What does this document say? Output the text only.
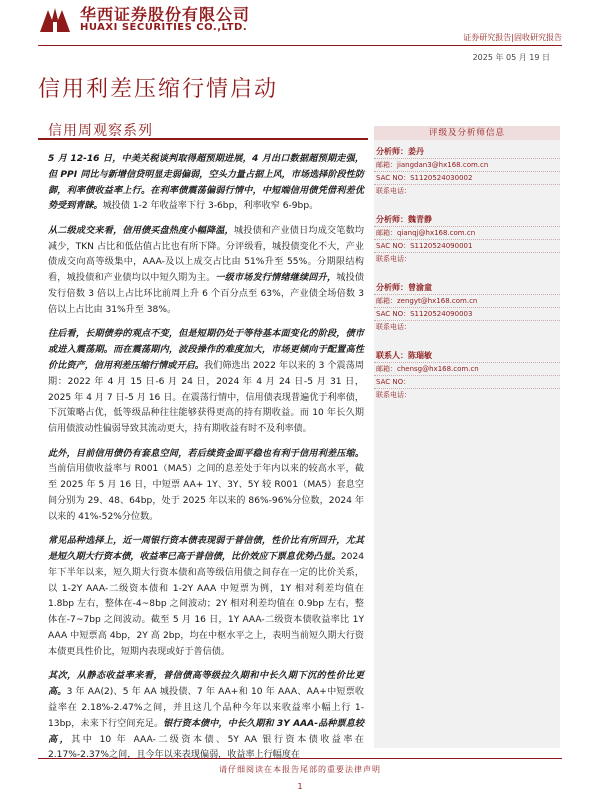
华西证券股份有限公司
HUAXI SECURITIES CO.,LTD.
证券研究报告|固收研究报告
2025 年 05 月 19 日
信用利差压缩行情启动
信用周观察系列

5 月 12-16 日，中美关税谈判取得超预期进展，4 月出口数据超预期走强，但 PPI 同比与新增信贷明显走弱偏弱，空头力量占据上风，市场选择阶段性防御，利率债收益率上行。在利率债震荡偏弱行情中，中短端信用债凭借利差优势受到青睐。城投债 1-2 年收益率下行 3-6bp，利率收窄 6-9bp。

从二级成交来看，信用债买盘热度小幅降温，城投债和产业债日均成交笔数均减少，TKN 占比和低估值占比也有所下降。分评级看，城投债变化不大，产业债成交向高等级集中，AAA-及以上成交占比由 51%升至 55%。分期限结构看，城投债和产业债均以中短久期为主。一级市场发行情绪继续回升，城投债发行倍数 3 倍以上占比环比前周上升 6 个百分点至 63%，产业债全场倍数 3 倍以上占比由 31%升至 38%。

往后看，长期债券的观点不变，但是短期仍处于等待基本面变化的阶段，债市或进入震荡期。而在震荡期内，波段操作的难度加大，市场更倾向于配置高性价比资产，信用利差压缩行情或开启。我们筛选出 2022 年以来的 3 个震荡周期：2022 年 4 月 15 日-6 月 24 日，2024 年 4 月 24 日-5 月 31 日，2025 年 4 月 7 日-5 月 16 日。在震荡行情中，信用债表现普遍优于利率债，下沉策略占优，低等级品种往往能够获得更高的持有期收益。而 10 年长久期信用债波动性偏弱导致其流动更大，持有期收益有时不及利率债。

此外，目前信用债仍有套息空间，若后续资金面平稳也有利于信用利差压缩。当前信用债收益率与 R001（MA5）之间的息差处于年内以来的较高水平，截至 2025 年 5 月 16 日，中短票 AA+ 1Y、3Y、5Y 较 R001（MA5）套息空间分别为 29、48、64bp，处于 2025 年以来的 86%-96%分位数，2024 年以来的 41%-52%分位数。

常见品种选择上，近一周银行资本债表现弱于普信债，性价比有所回升，尤其是短久期大行资本债，收益率已高于普信债，比价效应下票息优势凸显。2024 年下半年以来，短久期大行资本债和高等级信用债之间存在一定的比价关系，以 1-2Y AAA-二级资本债和 1-2Y AAA 中短票为例，1Y 相对利差均值在 1.8bp 左右，整体在-4~8bp 之间波动；2Y 相对利差均值在 0.9bp 左右，整体在-7~7bp 之间波动。截至 5 月 16 日，1Y AAA-二级资本债收益率比 1Y AAA 中短票高 4bp，2Y 高 2bp，均在中枢水平之上，表明当前短久期大行资本债更具性价比，短期内表现或好于普信债。

其次，从静态收益率来看，普信债高等级拉久期和中长久期下沉的性价比更高。3 年 AA(2)、5 年 AA 城投债、7 年 AA+和 10 年 AAA、AA+中短票收益率在 2.18%-2.47%之间，并且这几个品种今年以来收益率小幅上行 1-13bp，未来下行空间充足。银行资本债中，中长久期和 3Y AAA-品种票息较高，其中 10 年 AAA-二级资本债、5Y AA 银行资本债收益率在 2.17%-2.37%之间，且今年以来表现偏弱，收益率上行幅度在

评级及分析师信息
分析师：姜丹
邮箱：jiangdan3@hx168.com.cn
SAC NO：S1120524030002
联系电话：
分析师：魏青静
邮箱：qianqj@hx168.com.cn
SAC NO：S1120524090001
联系电话：
分析师：曾渝童
邮箱：zengyt@hx168.com.cn
SAC NO：S1120524090003
联系电话：
联系人：陈瑞敏
邮箱：chensg@hx168.com.cn
SAC NO：
联系电话：
请仔细阅读在本报告尾部的重要法律声明
1
